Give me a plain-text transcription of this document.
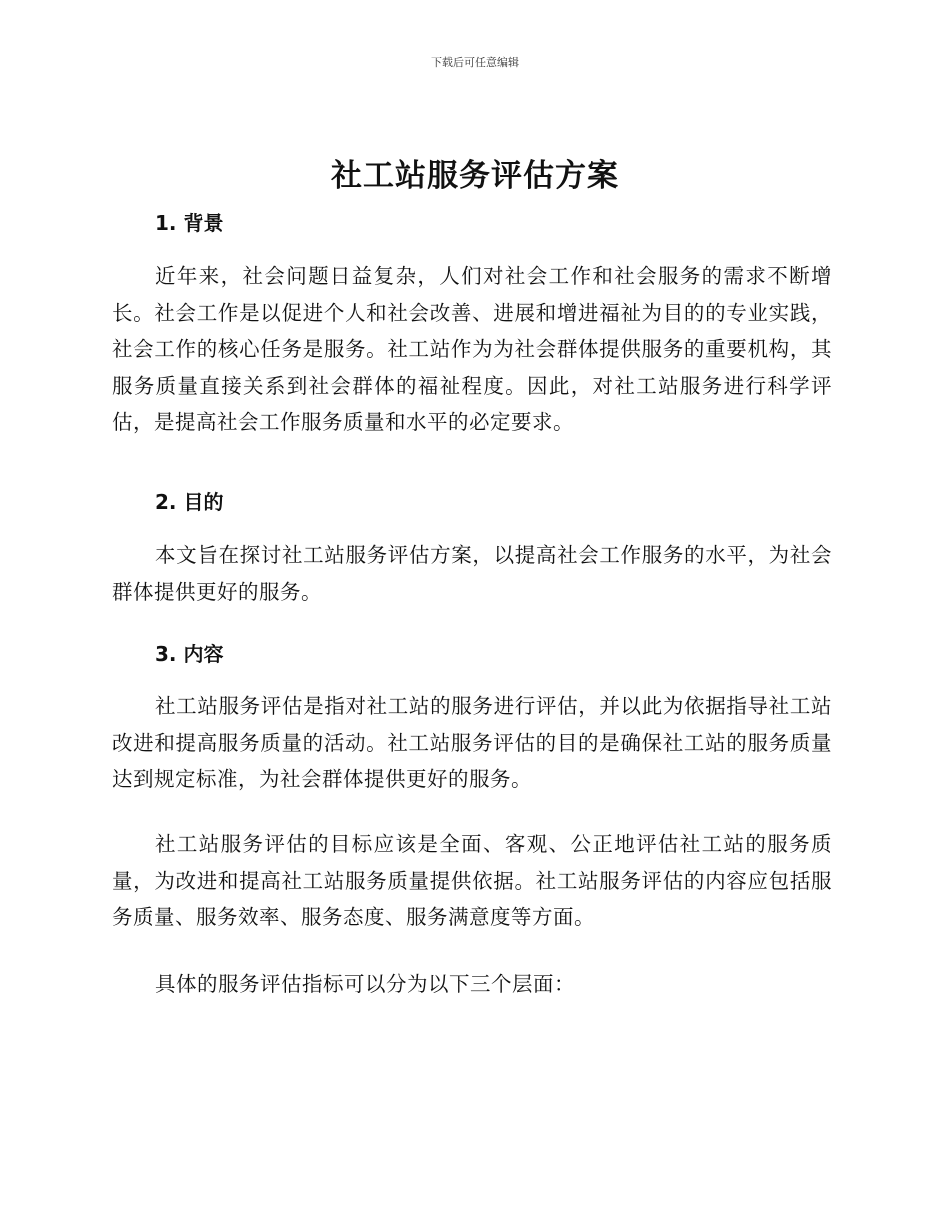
下载后可任意编辑
社工站服务评估方案
1. 背景
近年来，社会问题日益复杂，人们对社会工作和社会服务的需求不断增长。社会工作是以促进个人和社会改善、进展和增进福祉为目的的专业实践，社会工作的核心任务是服务。社工站作为为社会群体提供服务的重要机构，其服务质量直接关系到社会群体的福祉程度。因此，对社工站服务进行科学评估，是提高社会工作服务质量和水平的必定要求。
2. 目的
本文旨在探讨社工站服务评估方案，以提高社会工作服务的水平，为社会群体提供更好的服务。
3. 内容
社工站服务评估是指对社工站的服务进行评估，并以此为依据指导社工站改进和提高服务质量的活动。社工站服务评估的目的是确保社工站的服务质量达到规定标准，为社会群体提供更好的服务。
社工站服务评估的目标应该是全面、客观、公正地评估社工站的服务质量，为改进和提高社工站服务质量提供依据。社工站服务评估的内容应包括服务质量、服务效率、服务态度、服务满意度等方面。
具体的服务评估指标可以分为以下三个层面：
